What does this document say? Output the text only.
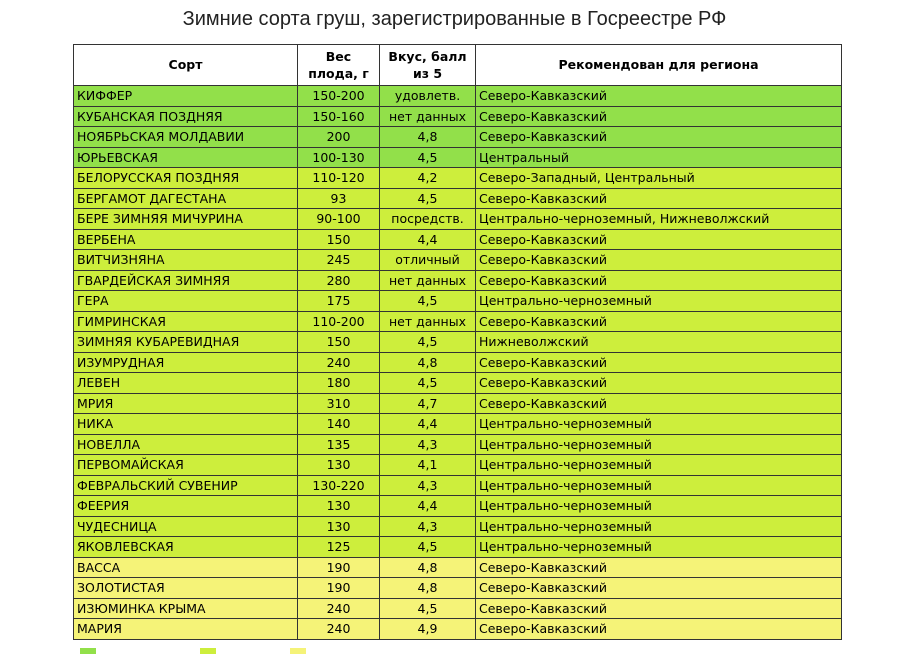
Зимние сорта груш, зарегистрированные в Госреестре РФ
Сорт	Вес плода, г	Вкус, балл из 5	Рекомендован для региона
КИФФЕР	150-200	удовлетв.	Северо-Кавказский
КУБАНСКАЯ ПОЗДНЯЯ	150-160	нет данных	Северо-Кавказский
НОЯБРЬСКАЯ МОЛДАВИИ	200	4,8	Северо-Кавказский
ЮРЬЕВСКАЯ	100-130	4,5	Центральный
БЕЛОРУССКАЯ ПОЗДНЯЯ	110-120	4,2	Северо-Западный, Центральный
БЕРГАМОТ ДАГЕСТАНА	93	4,5	Северо-Кавказский
БЕРЕ ЗИМНЯЯ МИЧУРИНА	90-100	посредств.	Центрально-черноземный, Нижневолжский
ВЕРБЕНА	150	4,4	Северо-Кавказский
ВИТЧИЗНЯНА	245	отличный	Северо-Кавказский
ГВАРДЕЙСКАЯ ЗИМНЯЯ	280	нет данных	Северо-Кавказский
ГЕРА	175	4,5	Центрально-черноземный
ГИМРИНСКАЯ	110-200	нет данных	Северо-Кавказский
ЗИМНЯЯ КУБАРЕВИДНАЯ	150	4,5	Нижневолжский
ИЗУМРУДНАЯ	240	4,8	Северо-Кавказский
ЛЕВЕН	180	4,5	Северо-Кавказский
МРИЯ	310	4,7	Северо-Кавказский
НИКА	140	4,4	Центрально-черноземный
НОВЕЛЛА	135	4,3	Центрально-черноземный
ПЕРВОМАЙСКАЯ	130	4,1	Центрально-черноземный
ФЕВРАЛЬСКИЙ СУВЕНИР	130-220	4,3	Центрально-черноземный
ФЕЕРИЯ	130	4,4	Центрально-черноземный
ЧУДЕСНИЦА	130	4,3	Центрально-черноземный
ЯКОВЛЕВСКАЯ	125	4,5	Центрально-черноземный
ВАССА	190	4,8	Северо-Кавказский
ЗОЛОТИСТАЯ	190	4,8	Северо-Кавказский
ИЗЮМИНКА КРЫМА	240	4,5	Северо-Кавказский
МАРИЯ	240	4,9	Северо-Кавказский
